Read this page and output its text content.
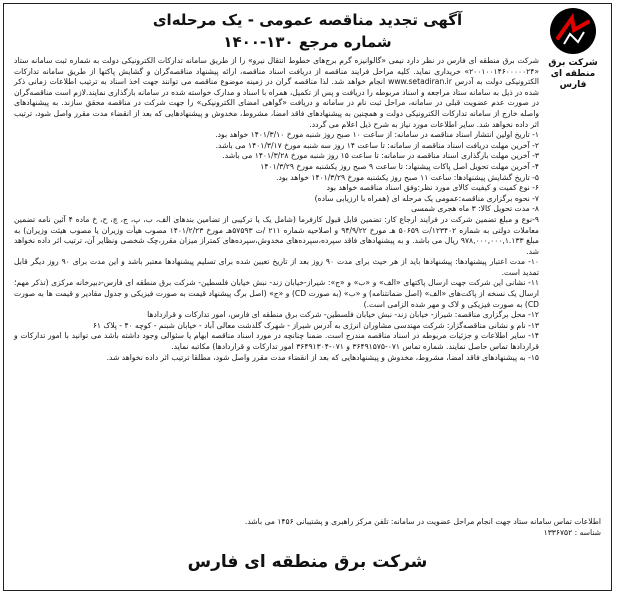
شرکت برق
منطقه ای فارس
آگهی تجدید مناقصه عمومی - یک مرحله‌ای
شماره مرجع ۱۳۰-۱۴۰۰

شرکت برق منطقه ای فارس در نظر دارد نیمی «گالوانیزه گرم برج‌های خطوط انتقال نیرو» را از طریق سامانه تدارکات الکترونیکی دولت به شماره ثبت سامانه ستاد «۲۰۰۱۰۰۱۴۶۰۰۰۰۰۲۴» خریداری نماید. کلیه مراحل فرایند مناقصه از دریافت اسناد مناقصه، ارائه پیشنهاد مناقصه‌گران و گشایش پاکتها از طریق سامانه تدارکات الکترونیکی دولت به آدرس www.setadiran.ir انجام خواهد شد. لذا مناقصه گران در زمینه موضوع مناقصه می توانند جهت اخذ اسناد به ترتیب اطلاعات زمانی ذکر شده در ذیل به سامانه ستاد مراجعه و اسناد مربوطه را دریافت و پس از تکمیل، همراه با اسناد و مدارک خواسته شده در سامانه بارگذاری نمایند.لازم است مناقصه‌گران در صورت عدم عضویت قبلی در سامانه، مراحل ثبت نام در سامانه و دریافت «گواهی امضای الکترونیکی» را جهت شرکت در مناقصه محقق سازند. به پیشنهادهای واصله خارج از سامانه تدارکات الکترونیکی دولت و همچنین به پیشنهادهای فاقد امضا، مشروط، مخدوش و پیشنهادهایی که بعد از انقضاء مدت مقرر واصل شود، ترتیب اثر داده نخواهد شد. سایر اطلاعات مورد نیاز به شرح ذیل اعلام می گردد.

۱- تاریخ اولین انتشار اسناد مناقصه در سامانه: از ساعت ۱۰ صبح روز شنبه مورخ ۱۴۰۱/۳/۱۰ خواهد بود.

۲- آخرین مهلت دریافت اسناد مناقصه از سامانه: تا ساعت ۱۴ روز سه شنبه مورخ ۱۴۰۱/۳/۱۷ می باشد.

۳- آخرین مهلت بارگذاری اسناد مناقصه در سامانه: تا ساعت ۱۵ روز شنبه مورخ ۱۴۰۱/۳/۲۸ می باشد.

۴- آخرین مهلت تحویل اصل پاکات پیشنهاد: تا ساعت ۹ صبح روز یکشنبه مورخ ۱۴۰۱/۳/۲۹

۵- تاریخ گشایش پیشنهادها: ساعت ۱۱ صبح روز یکشنبه مورخ ۱۴۰۱/۳/۲۹ خواهد بود.

۶- نوع کمیت و کیفیت کالای مورد نظر:وفق اسناد مناقصه خواهد بود

۷- نحوه برگزاری مناقصه:عمومی یک مرحله ای (همراه با ارزیابی ساده)

۸- مدت تحویل کالا: ۳ ماه هجری شمسی

۹-نوع و مبلغ تضمین شرکت در فرایند ارجاع کار: تضمین قابل قبول کارفرما (شامل یک یا ترکیبی از تضامین بندهای الف، ب، پ، ج، چ، ح، خ ماده ۴ آئین نامه تضمین معاملات دولتی به شماره ۱۲۳۴۰۲/ت ۵۰۶۵۹ هـ مورخ ۹۴/۹/۲۲ و اصلاحیه شماره ۲۱۱ /ت ۵۷۵۹۳هـ مورخ ۱۴۰۱/۲/۲۳ مصوب هیأت وزیران یا مصوب هیئت وزیران) به مبلغ ۹۷۸,۰۰۰,۰۰۰,۱.۱۳۳ ریال می باشد. و به پیشنهادهای فاقد سپرده،سپرده‌های مخدوش،سپرده‌های کمتراز میزان مقرر،چک شخصی ونظایر آن، ترتیب اثر داده نخواهد شد.

۱۰- مدت اعتبار پیشنهادها: پیشنهادها باید از هر حیث برای مدت ۹۰ روز بعد از تاریخ تعیین شده برای تسلیم پیشنهادها معتبر باشد و این مدت برای ۹۰ روز دیگر قابل تمدید است.

۱۱- نشانی این شرکت جهت ارسال پاکتهای «الف» و «ب» و «ج»: شیراز-خیابان زند- نبش خیابان فلسطین- شرکت برق منطقه ای فارس-دبیرخانه مرکزی (تذکر مهم؛ ارسال یک نسخه از پاکت‌های «الف» (اصل ضمانتنامه) و «ب» (به صورت CD) و «ج» (اصل برگ پیشنهاد قیمت به صورت فیزیکی و جدول مقادیر و قیمت ها به صورت CD) به صورت فیزیکی و لاک و مهر شده الزامی است.)

۱۲- محل برگزاری مناقصه: شیراز- خیابان زند- نبش خیابان فلسطین- شرکت برق منطقه ای فارس، امور تدارکات و قراردادها

۱۳- نام و نشانی مناقصه‌گزار: شرکت مهندسی مشاوران انرژی به آدرس شیراز - شهرک گلدشت معالی آباد - خیابان شبنم - کوچه ۴۰ - پلاک ۶۱

۱۴- سایر اطلاعات و جزئیات مربوطه در اسناد مناقصه مندرج است. ضمنا چنانچه در مورد اسناد مناقصه ابهام یا سئوالی وجود داشته باشد می توانید با امور تدارکات و قراردادها تماس حاصل نمایند. شماره تماس ۰۷۱-۳۶۴۹۱۵۷۵ و ۰۷۱-۳۶۴۹۱۳۰۴ امور تدارکات و قراردادها) مکاتبه نماید.

۱۵- به پیشنهادهای فاقد امضا، مشروط، مخدوش و پیشنهادهایی که بعد از انقضاء مدت مقرر واصل شود، مطلقا ترتیب اثر داده نخواهد شد.

اطلاعات تماس سامانه ستاد جهت انجام مراحل عضویت در سامانه: تلفن مرکز راهبری و پشتیبانی ۱۴۵۶ می باشد.

شناسه : ۱۳۳۶۷۵۲

شرکت برق منطقه ای فارس
